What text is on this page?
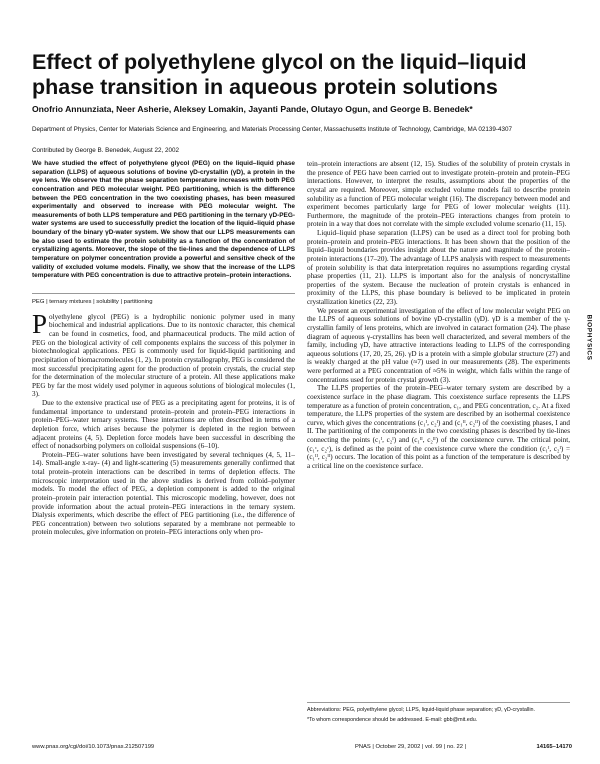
Effect of polyethylene glycol on the liquid–liquid phase transition in aqueous protein solutions
Onofrio Annunziata, Neer Asherie, Aleksey Lomakin, Jayanti Pande, Olutayo Ogun, and George B. Benedek*
Department of Physics, Center for Materials Science and Engineering, and Materials Processing Center, Massachusetts Institute of Technology, Cambridge, MA 02139-4307
Contributed by George B. Benedek, August 22, 2002

We have studied the effect of polyethylene glycol (PEG) on the liquid–liquid phase separation (LLPS) of aqueous solutions of bovine γD-crystallin (γD), a protein in the eye lens. We observe that the phase separation temperature increases with both PEG concentration and PEG molecular weight. PEG partitioning, which is the difference between the PEG concentration in the two coexisting phases, has been measured experimentally and observed to increase with PEG molecular weight. The measurements of both LLPS temperature and PEG partitioning in the ternary γD-PEG-water systems are used to successfully predict the location of the liquid–liquid phase boundary of the binary γD-water system. We show that our LLPS measurements can be also used to estimate the protein solubility as a function of the concentration of crystallizing agents. Moreover, the slope of the tie-lines and the dependence of LLPS temperature on polymer concentration provide a powerful and sensitive check of the validity of excluded volume models. Finally, we show that the increase of the LLPS temperature with PEG concentration is due to attractive protein–protein interactions.

PEG | ternary mixtures | solubility | partitioning

Polyethylene glycol (PEG) is a hydrophilic nonionic polymer used in many biochemical and industrial applications. Due to its nontoxic character, this chemical can be found in cosmetics, food, and pharmaceutical products. The mild action of PEG on the biological activity of cell components explains the success of this polymer in biotechnological applications. PEG is commonly used for liquid-liquid partitioning and precipitation of biomacromolecules (1, 2). In protein crystallography, PEG is considered the most successful precipitating agent for the production of protein crystals, the crucial step for the determination of the molecular structure of a protein. All these applications make PEG by far the most widely used polymer in aqueous solutions of biological molecules (1, 3).

Due to the extensive practical use of PEG as a precipitating agent for proteins, it is of fundamental importance to understand protein–protein and protein–PEG interactions in protein–PEG–water ternary systems. These interactions are often described in terms of a depletion force, which arises because the polymer is depleted in the region between adjacent proteins (4, 5). Depletion force models have been successful in describing the effect of nonadsorbing polymers on colloidal suspensions (6–10).

Protein–PEG–water solutions have been investigated by several techniques (4, 5, 11–14). Small-angle x-ray- (4) and light-scattering (5) measurements generally confirmed that total protein–protein interactions can be described in terms of depletion effects. The microscopic interpretation used in the above studies is derived from colloid–polymer models. To model the effect of PEG, a depletion component is added to the original protein–protein pair interaction potential. This microscopic modeling, however, does not provide information about the actual protein–PEG interactions in the ternary system. Dialysis experiments, which describe the effect of PEG partitioning (i.e., the difference of PEG concentration) between two solutions separated by a membrane not permeable to protein molecules, give information on protein–PEG interactions only when pro-

tein–protein interactions are absent (12, 15). Studies of the solubility of protein crystals in the presence of PEG have been carried out to investigate protein–protein and protein–PEG interactions. However, to interpret the results, assumptions about the properties of the crystal are required. Moreover, simple excluded volume models fail to describe protein solubility as a function of PEG molecular weight (16). The discrepancy between model and experiment becomes particularly large for PEG of lower molecular weights (11). Furthermore, the magnitude of the protein–PEG interactions changes from protein to protein in a way that does not correlate with the simple excluded volume scenario (11, 15).

Liquid–liquid phase separation (LLPS) can be used as a direct tool for probing both protein–protein and protein–PEG interactions. It has been shown that the position of the liquid–liquid boundaries provides insight about the nature and magnitude of the protein–protein interactions (17–20). The advantage of LLPS analysis with respect to measurements of protein solubility is that data interpretation requires no assumptions regarding crystal phase properties (11, 21). LLPS is important also for the analysis of noncrystalline properties of the system. Because the nucleation of protein crystals is enhanced in proximity of the LLPS, this phase boundary is believed to be implicated in protein crystallization kinetics (22, 23).

We present an experimental investigation of the effect of low molecular weight PEG on the LLPS of aqueous solutions of bovine γD-crystallin (γD). γD is a member of the γ-crystallin family of lens proteins, which are involved in cataract formation (24). The phase diagram of aqueous γ-crystallins has been well characterized, and several members of the family, including γD, have attractive interactions leading to LLPS of the corresponding aqueous solutions (17, 20, 25, 26). γD is a protein with a simple globular structure (27) and is weakly charged at the pH value (≈7) used in our measurements (28). The experiments were performed at a PEG concentration of ≈5% in weight, which falls within the range of concentrations used for protein crystal growth (3).

The LLPS properties of the protein–PEG–water ternary system are described by a coexistence surface in the phase diagram. This coexistence surface represents the LLPS temperature as a function of protein concentration, c₁, and PEG concentration, c₂. At a fixed temperature, the LLPS properties of the system are described by an isothermal coexistence curve, which gives the concentrations (c₁ᴵ, c₂ᴵ) and (c₁ᴵᴵ, c₂ᴵᴵ) of the coexisting phases, I and II. The partitioning of the components in the two coexisting phases is described by tie-lines connecting the points (c₁ᴵ, c₂ᴵ) and (c₁ᴵᴵ, c₂ᴵᴵ) of the coexistence curve. The critical point, (c₁ᶜ, c₂ᶜ), is defined as the point of the coexistence curve where the condition (c₁ᴵ, c₂ᴵ) = (c₁ᴵᴵ, c₂ᴵᴵ) occurs. The location of this point as a function of the temperature is described by a critical line on the coexistence surface.

Abbreviations: PEG, polyethylene glycol; LLPS, liquid-liquid phase separation; γD, γD-crystallin.
*To whom correspondence should be addressed. E-mail: gbb@mit.edu.
BIOPHYSICS
www.pnas.org/cgi/doi/10.1073/pnas.212507199	PNAS | October 29, 2002 | vol. 99 | no. 22 |	14165–14170
